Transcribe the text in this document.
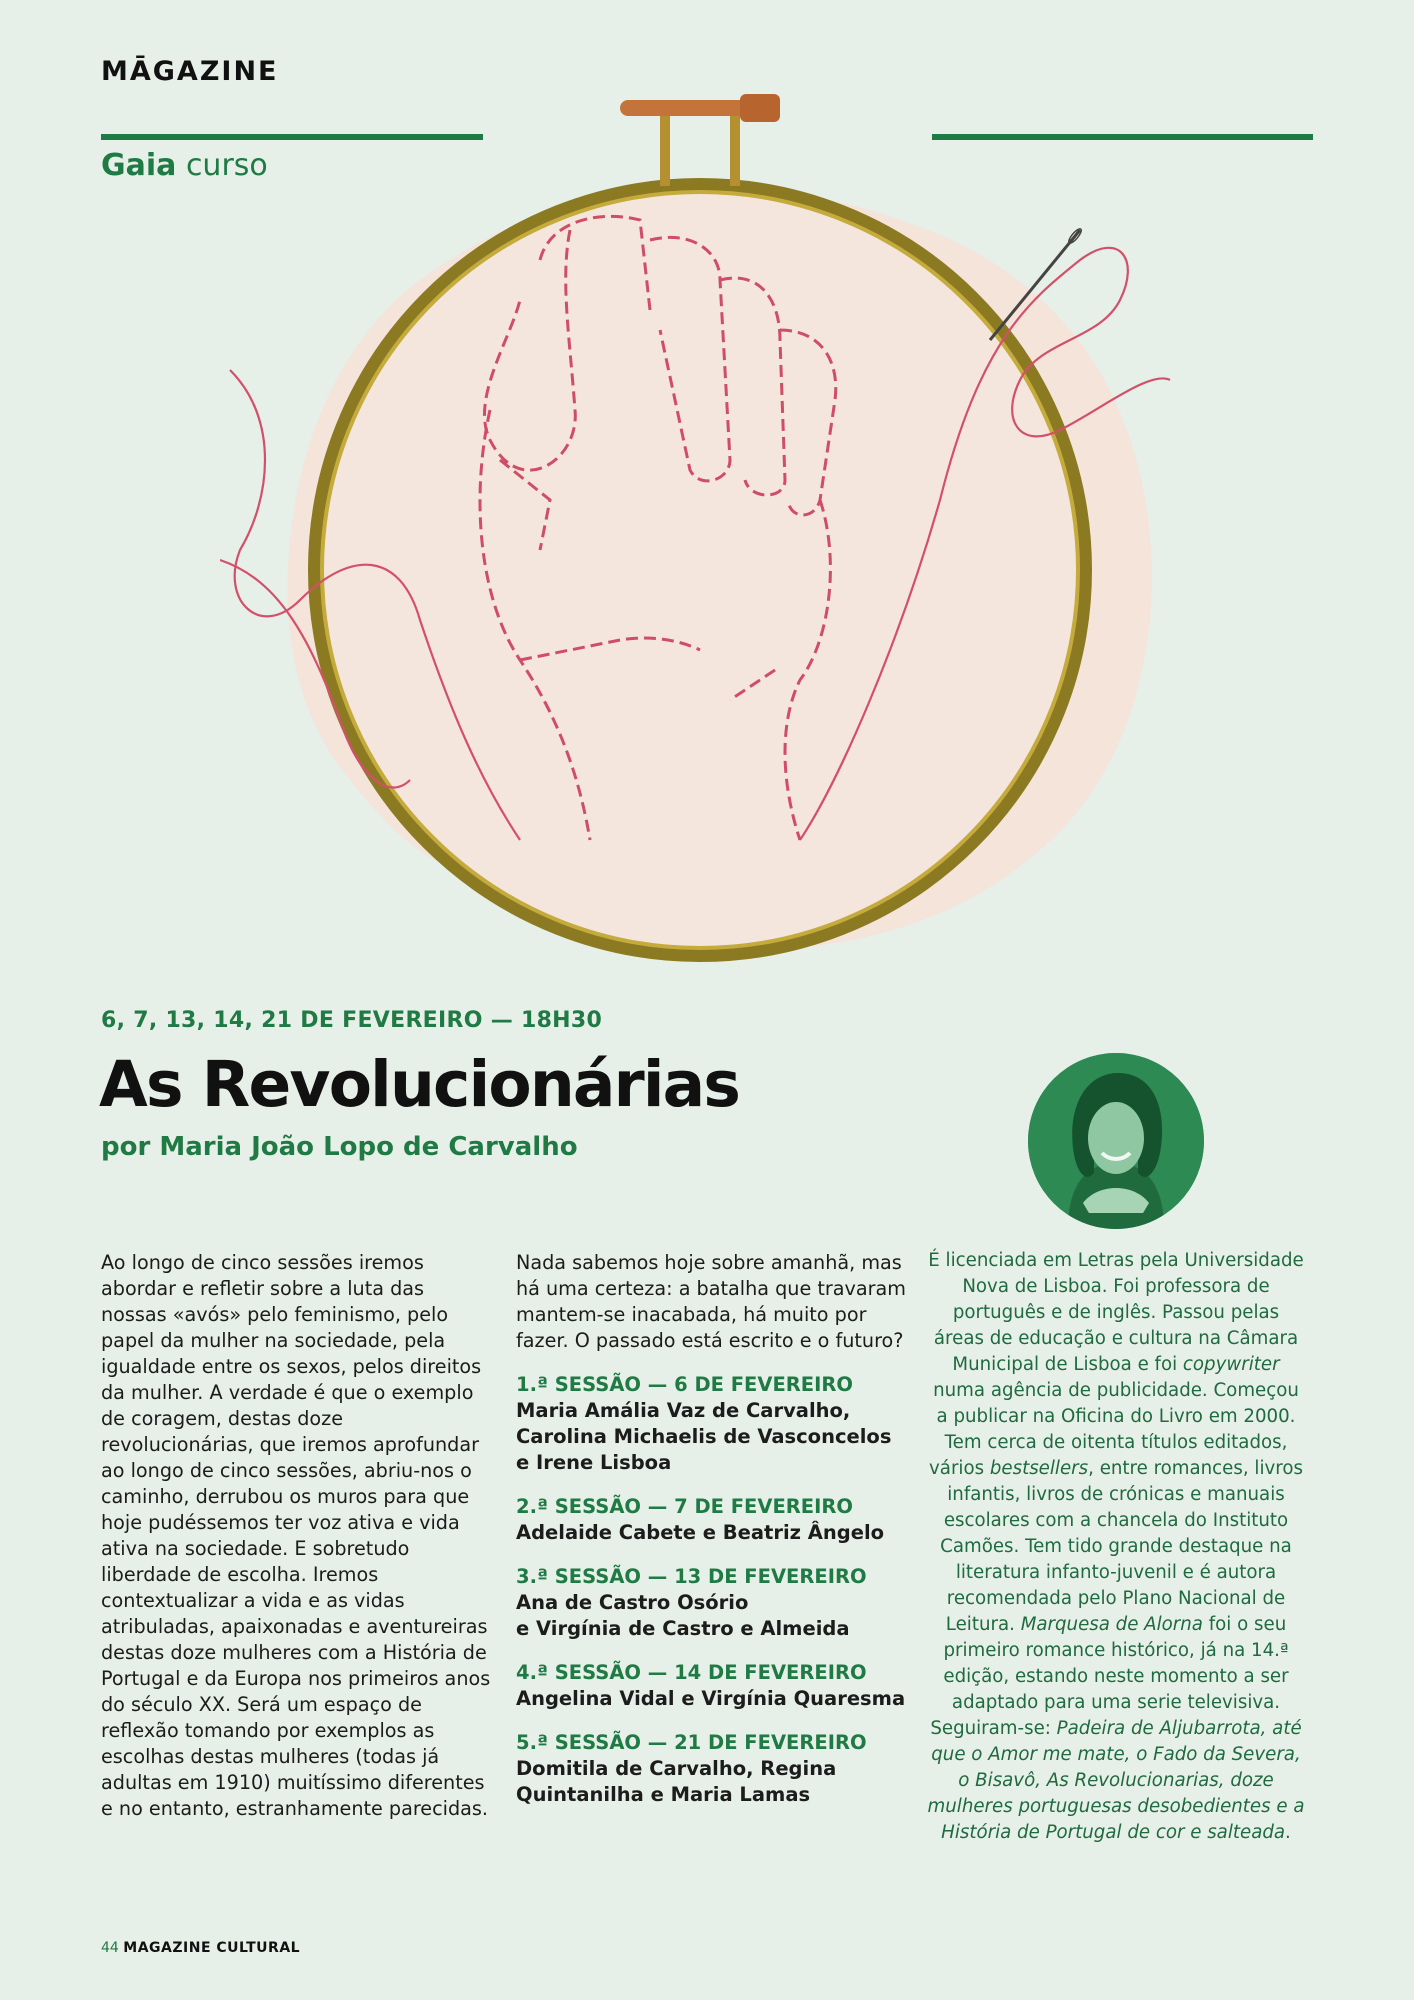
MĀGAZINE
Gaia curso
6, 7, 13, 14, 21 DE FEVEREIRO — 18H30
As Revolucionárias
por Maria João Lopo de Carvalho

Ao longo de cinco sessões iremos abordar e refletir sobre a luta das nossas «avós» pelo feminismo, pelo papel da mulher na sociedade, pela igualdade entre os sexos, pelos direitos da mulher. A verdade é que o exemplo de coragem, destas doze revolucionárias, que iremos aprofundar ao longo de cinco sessões, abriu-nos o caminho, derrubou os muros para que hoje pudéssemos ter voz ativa e vida ativa na sociedade. E sobretudo liberdade de escolha. Iremos contextualizar a vida e as vidas atribuladas, apaixonadas e aventureiras destas doze mulheres com a História de Portugal e da Europa nos primeiros anos do século XX. Será um espaço de reflexão tomando por exemplos as escolhas destas mulheres (todas já adultas em 1910) muitíssimo diferentes e no entanto, estranhamente parecidas.

Nada sabemos hoje sobre amanhã, mas há uma certeza: a batalha que travaram mantem-se inacabada, há muito por fazer. O passado está escrito e o futuro?

1.ª SESSÃO — 6 DE FEVEREIRO
Maria Amália Vaz de Carvalho,
Carolina Michaelis de Vasconcelos
e Irene Lisboa
2.ª SESSÃO — 7 DE FEVEREIRO
Adelaide Cabete e Beatriz Ângelo
3.ª SESSÃO — 13 DE FEVEREIRO
Ana de Castro Osório
e Virgínia de Castro e Almeida
4.ª SESSÃO — 14 DE FEVEREIRO
Angelina Vidal e Virgínia Quaresma
5.ª SESSÃO — 21 DE FEVEREIRO
Domitila de Carvalho, Regina
Quintanilha e Maria Lamas
É licenciada em Letras pela Universidade Nova de Lisboa. Foi professora de português e de inglês. Passou pelas áreas de educação e cultura na Câmara Municipal de Lisboa e foi copywriter numa agência de publicidade. Começou a publicar na Oficina do Livro em 2000. Tem cerca de oitenta títulos editados, vários bestsellers, entre romances, livros infantis, livros de crónicas e manuais escolares com a chancela do Instituto Camões. Tem tido grande destaque na literatura infanto-juvenil e é autora recomendada pelo Plano Nacional de Leitura. Marquesa de Alorna foi o seu primeiro romance histórico, já na 14.ª edição, estando neste momento a ser adaptado para uma serie televisiva. Seguiram-se: Padeira de Aljubarrota, até que o Amor me mate, o Fado da Severa, o Bisavô, As Revolucionarias, doze mulheres portuguesas desobedientes e a História de Portugal de cor e salteada.
44 MAGAZINE CULTURAL
